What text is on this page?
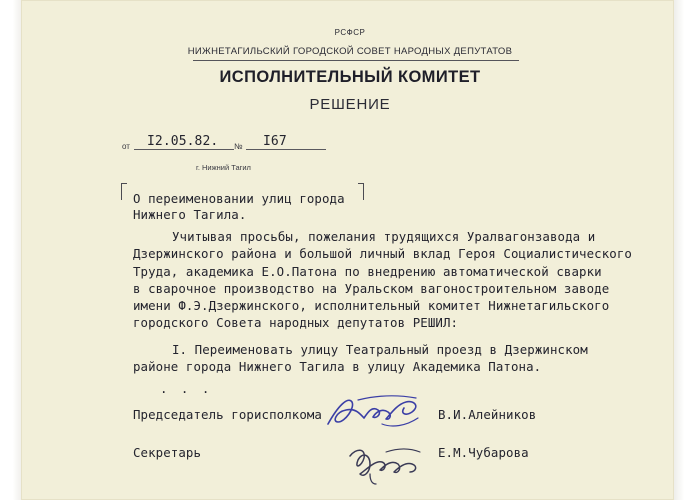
РСФСР
НИЖНЕТАГИЛЬСКИЙ ГОРОДСКОЙ СОВЕТ НАРОДНЫХ ДЕПУТАТОВ
ИСПОЛНИТЕЛЬНЫЙ КОМИТЕТ
РЕШЕНИЕ
от I2.05.82. № I67
г. Нижний Тагил
О переименовании улиц города
Нижнего Тагила.
Учитывая просьбы, пожелания трудящихся Уралвагонзавода и
Дзержинского района и большой личный вклад Героя Социалистического
Труда, академика Е.О.Патона по внедрению автоматической сварки
в сварочное производство на Уральском вагоностроительном заводе
имени Ф.Э.Дзержинского, исполнительный комитет Нижнетагильского
городского Совета народных депутатов РЕШИЛ:
I. Переименовать улицу Театральный проезд в Дзержинском
районе города Нижнего Тагила в улицу Академика Патона.
. . .
Председатель горисполкома	В.И.Алейников
Секретарь	Е.М.Чубарова
